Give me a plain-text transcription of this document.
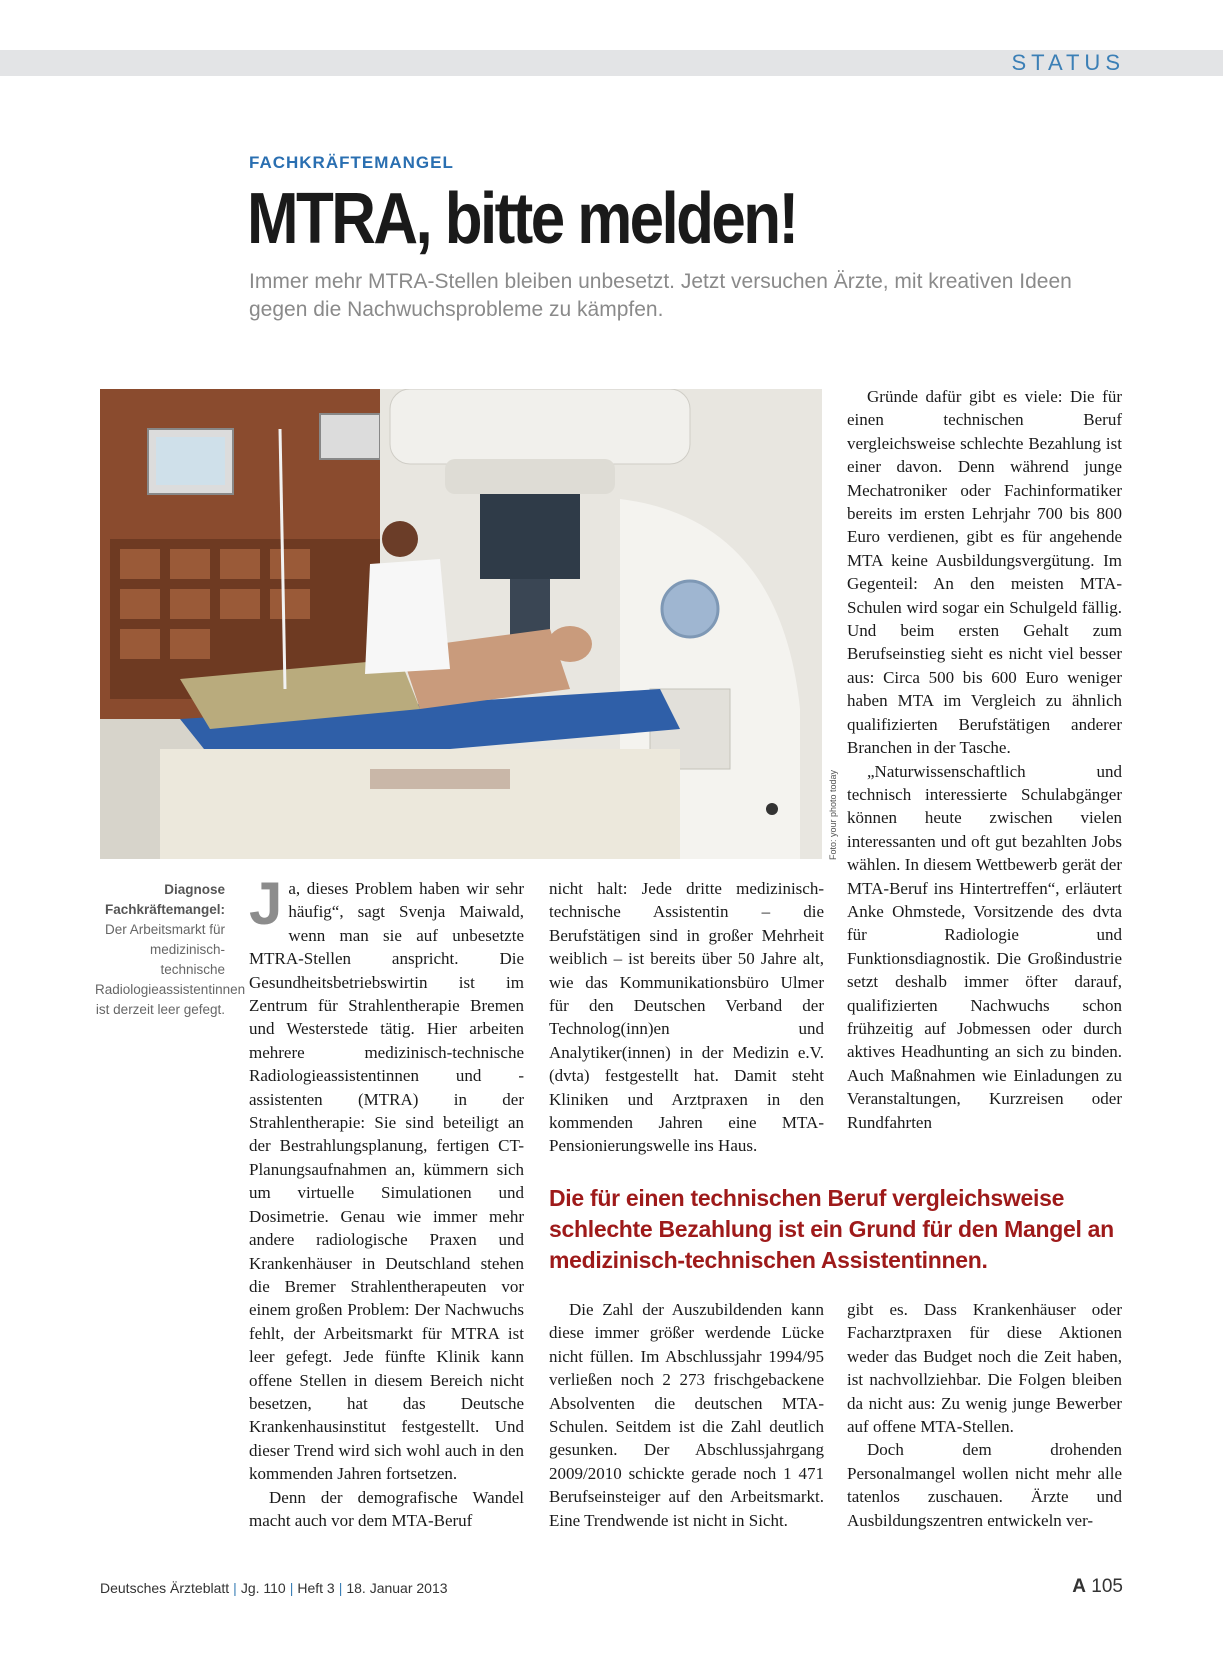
STATUS
FACHKRÄFTEMANGEL
MTRA, bitte melden!
Immer mehr MTRA-Stellen bleiben unbesetzt. Jetzt versuchen Ärzte, mit kreativen Ideen gegen die Nachwuchsprobleme zu kämpfen.
Foto: your photo today
Diagnose Fachkräftemangel:
Der Arbeitsmarkt für medizinisch-technische Radiologieassistentinnen ist derzeit leer gefegt.

Ja, dieses Problem haben wir sehr häufig“, sagt Svenja Maiwald, wenn man sie auf unbesetzte MTRA-Stellen anspricht. Die Gesundheitsbetriebswirtin ist im Zentrum für Strahlentherapie Bremen und Westerstede tätig. Hier arbeiten mehrere medizinisch-technische Radiologieassistentinnen und -assistenten (MTRA) in der Strahlentherapie: Sie sind beteiligt an der Bestrahlungsplanung, fertigen CT-Planungsaufnahmen an, kümmern sich um virtuelle Simulationen und Dosimetrie. Genau wie immer mehr andere radiologische Praxen und Krankenhäuser in Deutschland stehen die Bremer Strahlentherapeuten vor einem großen Problem: Der Nachwuchs fehlt, der Arbeitsmarkt für MTRA ist leer gefegt. Jede fünfte Klinik kann offene Stellen in diesem Bereich nicht besetzen, hat das Deutsche Krankenhausinstitut festgestellt. Und dieser Trend wird sich wohl auch in den kommenden Jahren fortsetzen.

Denn der demografische Wandel macht auch vor dem MTA-Beruf

nicht halt: Jede dritte medizinisch-technische Assistentin – die Berufstätigen sind in großer Mehrheit weiblich – ist bereits über 50 Jahre alt, wie das Kommunikationsbüro Ulmer für den Deutschen Verband der Technolog(inn)en und Analytiker(innen) in der Medizin e.V. (dvta) festgestellt hat. Damit steht Kliniken und Arztpraxen in den kommenden Jahren eine MTA-Pensionierungswelle ins Haus.

Gründe dafür gibt es viele: Die für einen technischen Beruf vergleichsweise schlechte Bezahlung ist einer davon. Denn während junge Mechatroniker oder Fachinformatiker bereits im ersten Lehrjahr 700 bis 800 Euro verdienen, gibt es für angehende MTA keine Ausbildungsvergütung. Im Gegenteil: An den meisten MTA-Schulen wird sogar ein Schulgeld fällig. Und beim ersten Gehalt zum Berufseinstieg sieht es nicht viel besser aus: Circa 500 bis 600 Euro weniger haben MTA im Vergleich zu ähnlich qualifizierten Berufstätigen anderer Branchen in der Tasche.

„Naturwissenschaftlich und technisch interessierte Schulabgänger können heute zwischen vielen interessanten und oft gut bezahlten Jobs wählen. In diesem Wettbewerb gerät der MTA-Beruf ins Hintertreffen“, erläutert Anke Ohmstede, Vorsitzende des dvta für Radiologie und Funktionsdiagnostik. Die Großindustrie setzt deshalb immer öfter darauf, qualifizierten Nachwuchs schon frühzeitig auf Jobmessen oder durch aktives Headhunting an sich zu binden. Auch Maßnahmen wie Einladungen zu Veranstaltungen, Kurzreisen oder Rundfahrten

Die für einen technischen Beruf vergleichsweise schlechte Bezahlung ist ein Grund für den Mangel an medizinisch-technischen Assistentinnen.

Die Zahl der Auszubildenden kann diese immer größer werdende Lücke nicht füllen. Im Abschlussjahr 1994/95 verließen noch 2 273 frischgebackene Absolventen die deutschen MTA-Schulen. Seitdem ist die Zahl deutlich gesunken. Der Abschlussjahrgang 2009/2010 schickte gerade noch 1 471 Berufseinsteiger auf den Arbeitsmarkt. Eine Trendwende ist nicht in Sicht.

gibt es. Dass Krankenhäuser oder Facharztpraxen für diese Aktionen weder das Budget noch die Zeit haben, ist nachvollziehbar. Die Folgen bleiben da nicht aus: Zu wenig junge Bewerber auf offene MTA-Stellen.

Doch dem drohenden Personalmangel wollen nicht mehr alle tatenlos zuschauen. Ärzte und Ausbildungszentren entwickeln ver-

Deutsches Ärzteblatt | Jg. 110 | Heft 3 | 18. Januar 2013	A 105
